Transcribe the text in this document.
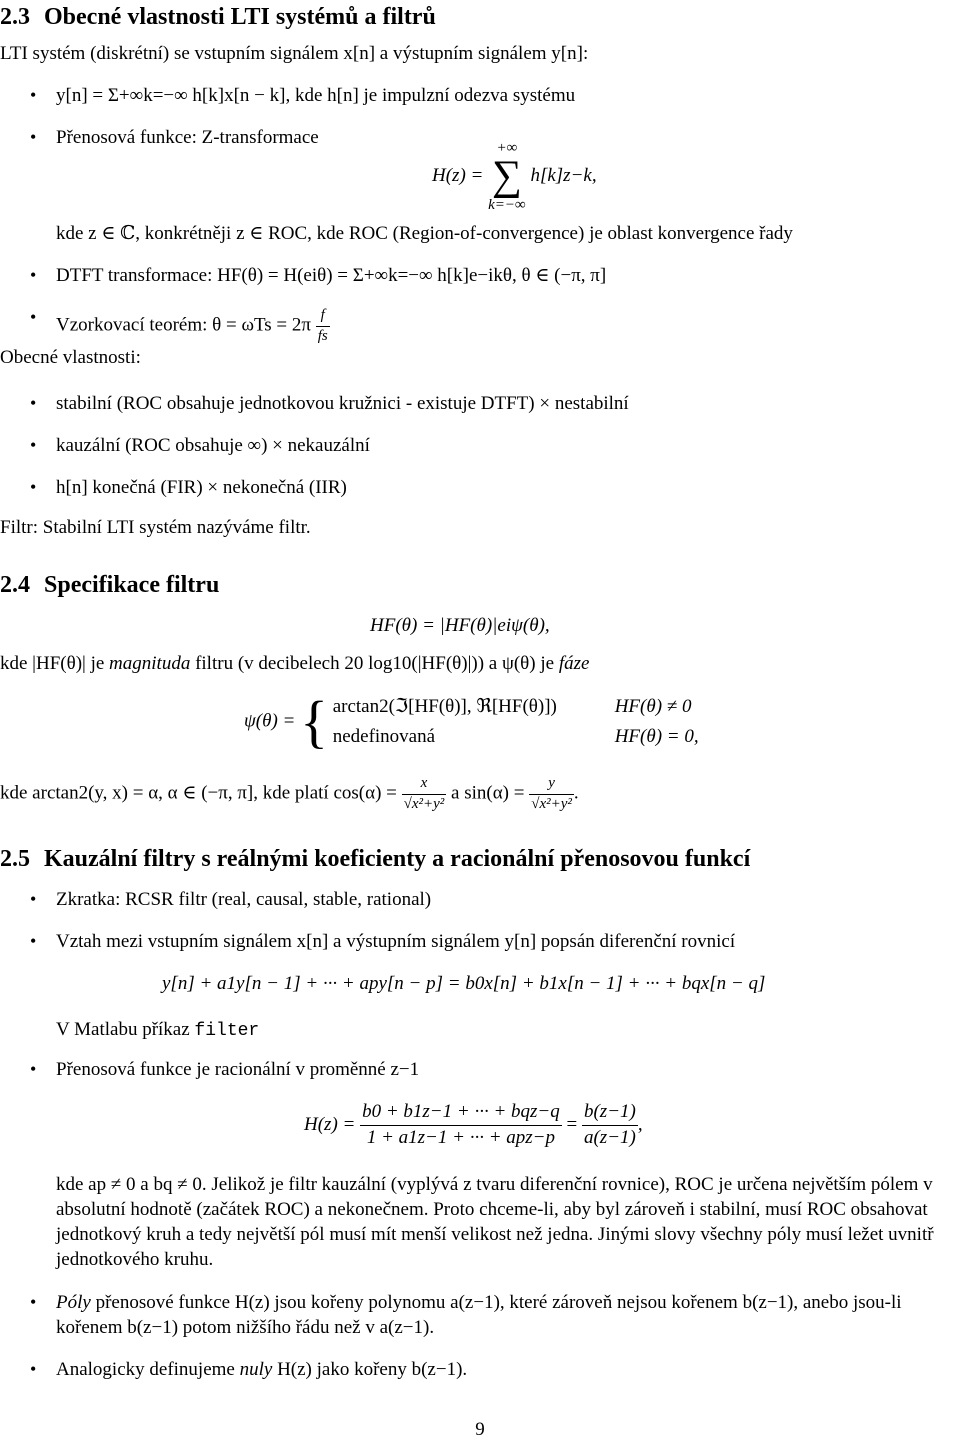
2.3 Obecné vlastnosti LTI systémů a filtrů
LTI systém (diskrétní) se vstupním signálem x[n] a výstupním signálem y[n]:
• y[n] = Σ+∞k=−∞ h[k]x[n − k], kde h[n] je impulzní odezva systému
• Přenosová funkce: Z-transformace
H(z) =
+∞
∑
k=−∞
h[k]z−k,
kde z ∈ ℂ, konkrétněji z ∈ ROC, kde ROC (Region-of-convergence) je oblast konvergence řady
• DTFT transformace: HF(θ) = H(eiθ) = Σ+∞k=−∞ h[k]e−ikθ, θ ∈ (−π, π]
• Vzorkovací teorém: $\theta = \omega Ts = 2\pi \frac{f}{fs}$
Obecné vlastnosti:
• stabilní (ROC obsahuje jednotkovou kružnici - existuje DTFT) × nestabilní
• kauzální (ROC obsahuje ∞) × nekauzální
• h[n] konečná (FIR) × nekonečná (IIR)
Filtr: Stabilní LTI systém nazýváme filtr.
2.4 Specifikace filtru
HF(θ) = |HF(θ)|eiψ(θ),
kde |HF(θ)| je magnituda filtru (v decibelech 20 log10(|HF(θ)|)) a ψ(θ) je fáze
ψ(θ) = { arctan2(ℑ[HF(θ)], ℜ[HF(θ)])	HF(θ) ≠ 0
nedefinovaná	HF(θ) = 0,
kde arctan2(y, x) = α, α ∈ (−π, π], kde platí $\cos(\alpha) = \frac{x}{\text{√x²+y²}}$ a $\sin(\alpha) = \frac{y}{\text{√x²+y²}}$ .
2.5 Kauzální filtry s reálnými koeficienty a racionální přenosovou funkcí
• Zkratka: RCSR filtr (real, causal, stable, rational)
• Vztah mezi vstupním signálem x[n] a výstupním signálem y[n] popsán diferenční rovnicí
y[n] + a1y[n − 1] + ··· + apy[n − p] = b0x[n] + b1x[n − 1] + ··· + bqx[n − q]
V Matlabu příkaz filter
• Přenosová funkce je racionální v proměnné z−1
$H(z) = \frac{\text{b0 + b1z−1 + ··· + bqz−q}}{\text{1 + a1z−1 + ··· + apz−p}} = \frac{b(z-1)}{a(z-1)}$ ,
kde ap ≠ 0 a bq ≠ 0. Jelikož je filtr kauzální (vyplývá z tvaru diferenční rovnice), ROC je určena největším pólem v absolutní hodnotě (začátek ROC) a nekonečnem. Proto chceme-li, aby byl zároveň i stabilní, musí ROC obsahovat jednotkový kruh a tedy největší pól musí mít menší velikost než jedna. Jinými slovy všechny póly musí ležet uvnitř jednotkového kruhu.
• Póly přenosové funkce H(z) jsou kořeny polynomu a(z−1), které zároveň nejsou kořenem b(z−1), anebo jsou-li kořenem b(z−1) potom nižšího řádu než v a(z−1).
• Analogicky definujeme nuly H(z) jako kořeny b(z−1).
9
